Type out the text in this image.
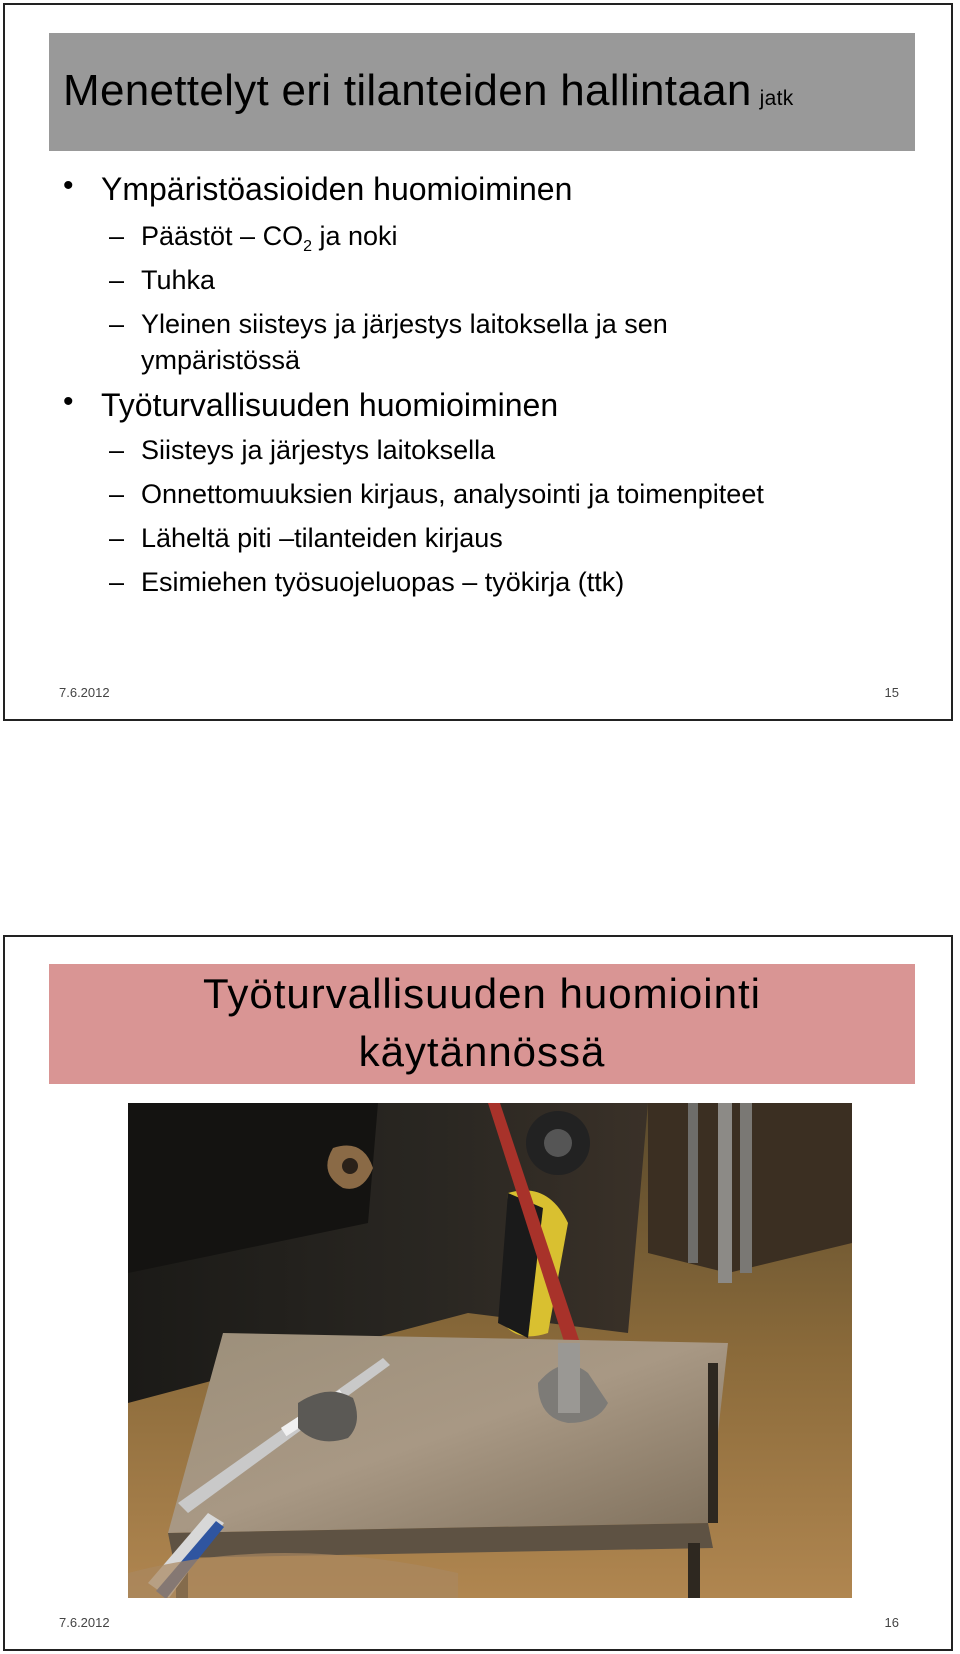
Menettelyt eri tilanteiden hallintaan jatk
• Ympäristöasioiden huomioiminen
– Päästöt – $CO_2$ ja noki
– Tuhka
– Yleinen siisteys ja järjestys laitoksella ja sen
ympäristössä
• Työturvallisuuden huomioiminen
– Siisteys ja järjestys laitoksella
– Onnettomuuksien kirjaus, analysointi ja toimenpiteet
– Läheltä piti –tilanteiden kirjaus
– Esimiehen työsuojeluopas – työkirja (ttk)
7.6.2012	15
Työturvallisuuden huomiointi
käytännössä
7.6.2012	16
